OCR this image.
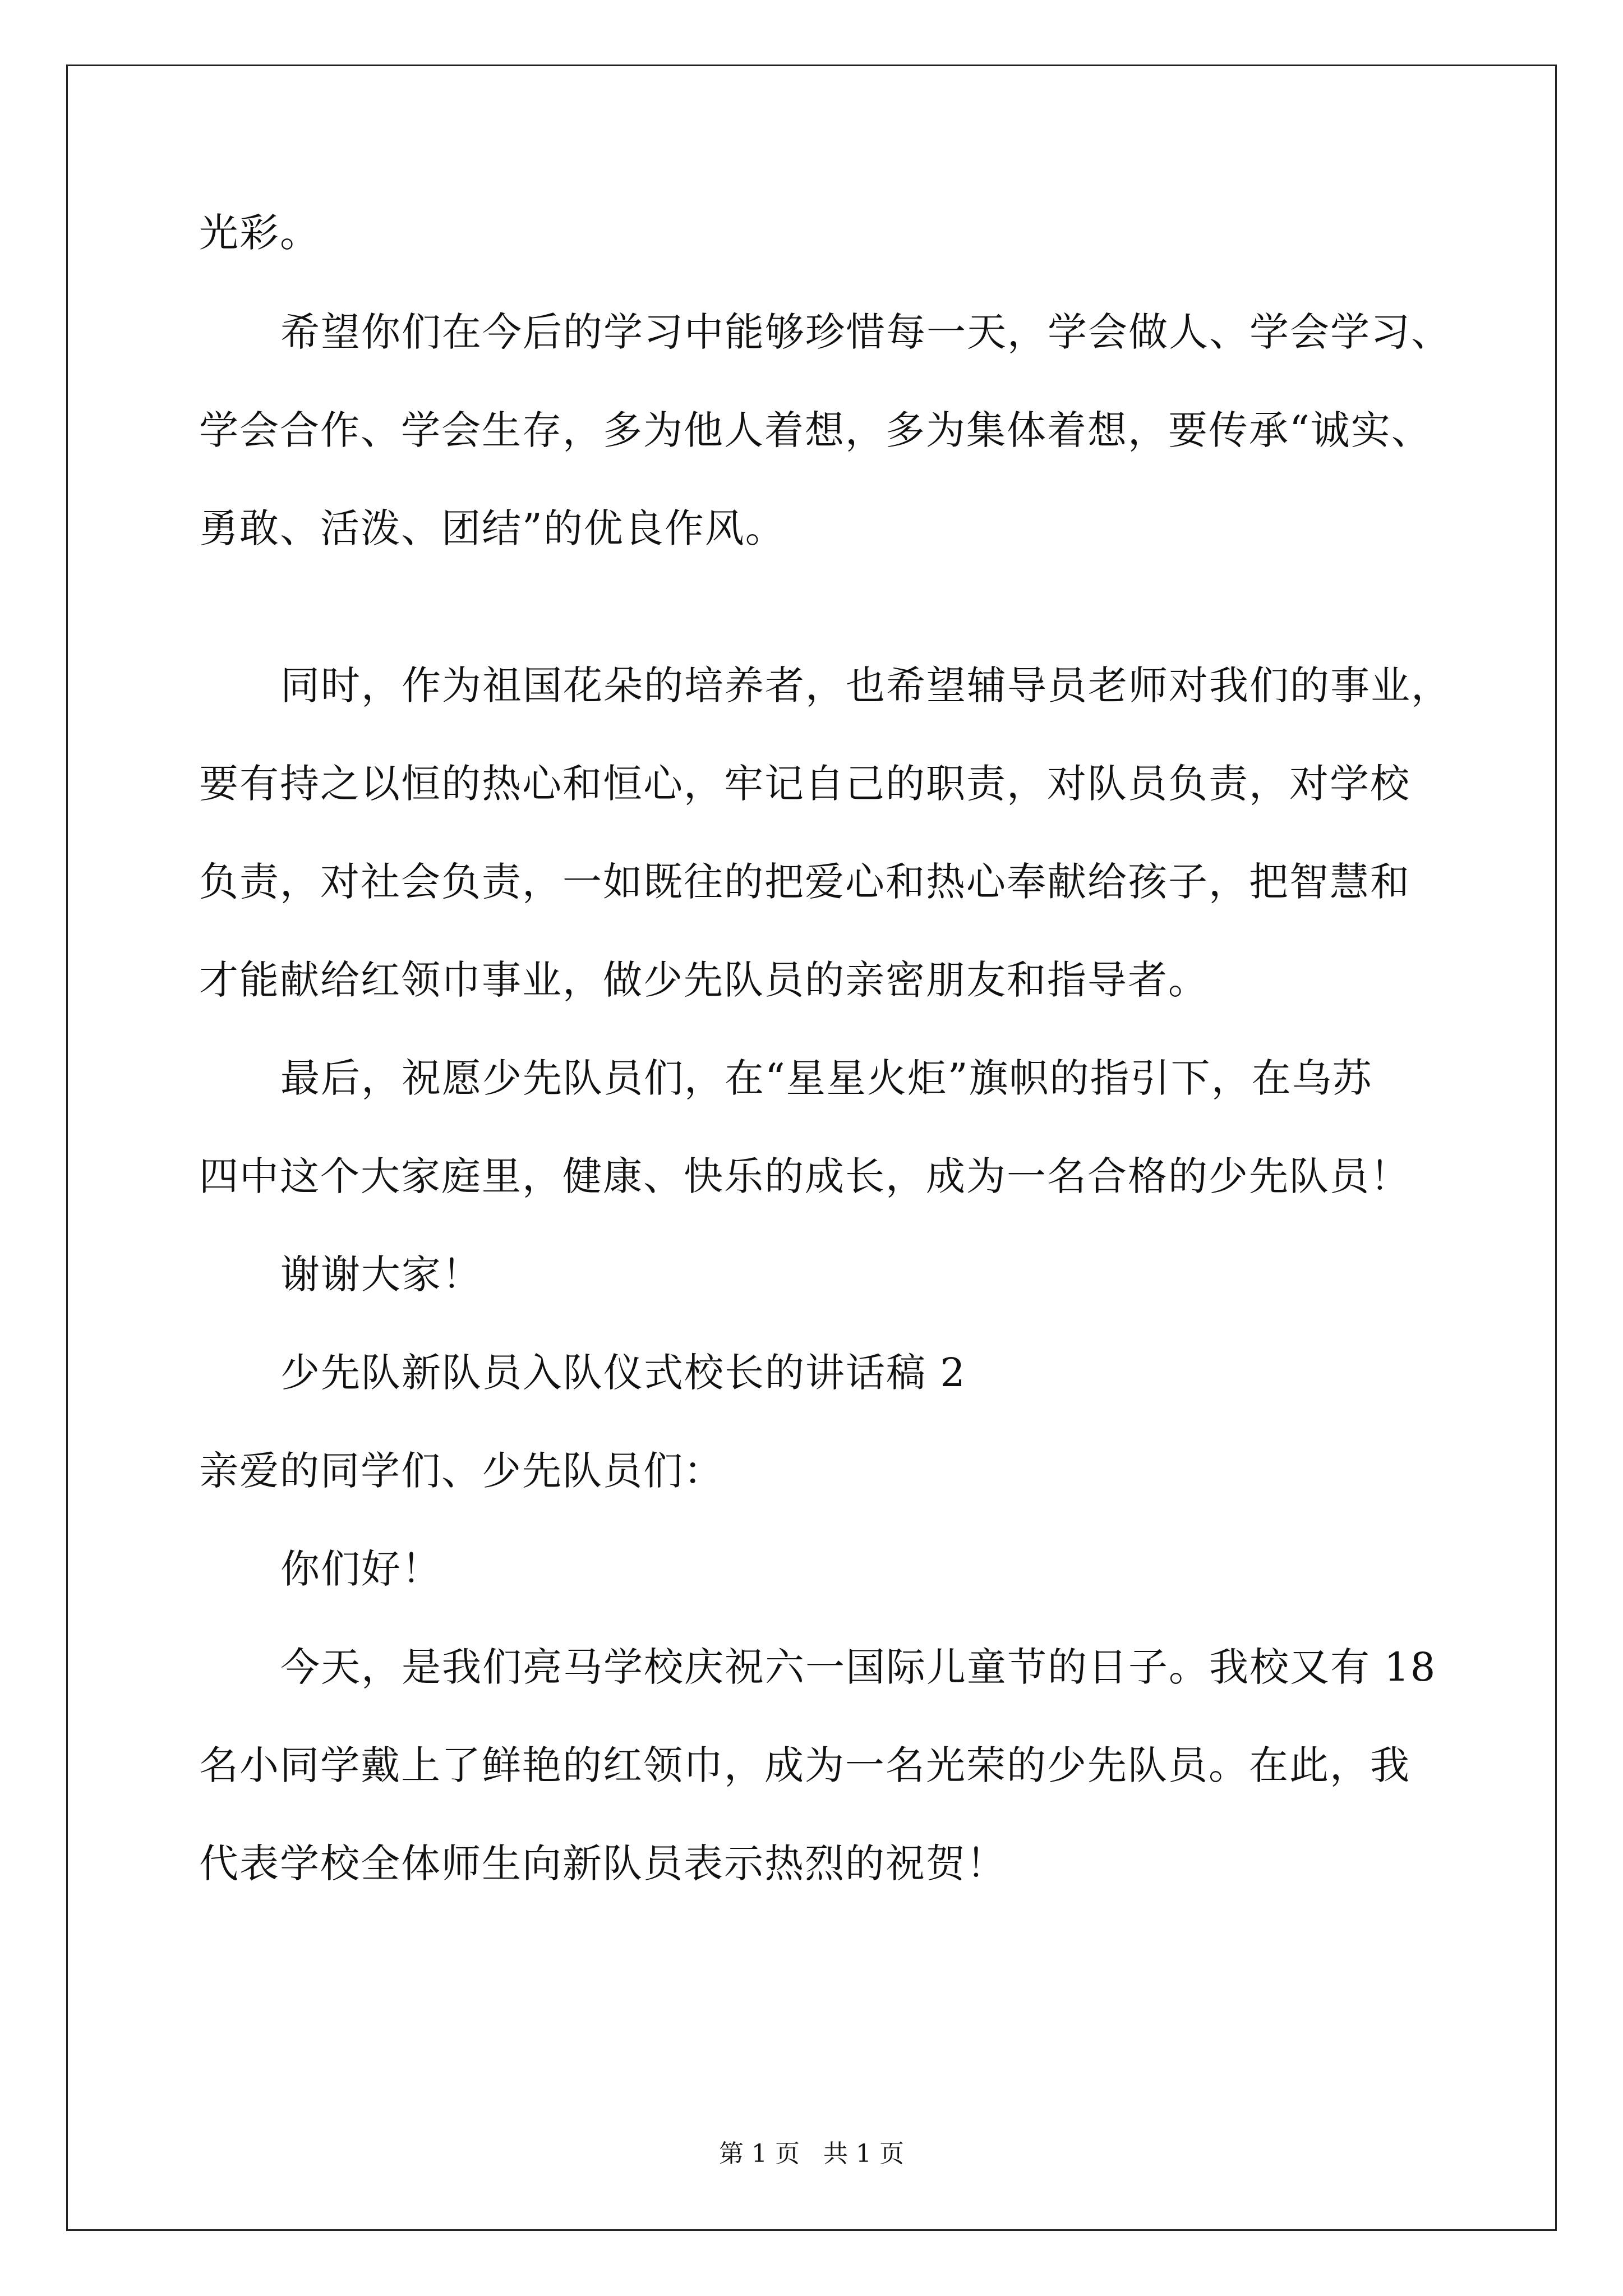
光彩。
希望你们在今后的学习中能够珍惜每一天，学会做人、学会学习、
学会合作、学会生存，多为他人着想，多为集体着想，要传承“诚实、
勇敢、活泼、团结”的优良作风。
同时，作为祖国花朵的培养者，也希望辅导员老师对我们的事业，
要有持之以恒的热心和恒心，牢记自己的职责，对队员负责，对学校
负责，对社会负责，一如既往的把爱心和热心奉献给孩子，把智慧和
才能献给红领巾事业，做少先队员的亲密朋友和指导者。
最后，祝愿少先队员们，在“星星火炬”旗帜的指引下，在乌苏
四中这个大家庭里，健康、快乐的成长，成为一名合格的少先队员！
谢谢大家！
少先队新队员入队仪式校长的讲话稿 2
亲爱的同学们、少先队员们：
你们好！
今天，是我们亮马学校庆祝六一国际儿童节的日子。我校又有 18
名小同学戴上了鲜艳的红领巾，成为一名光荣的少先队员。在此，我
代表学校全体师生向新队员表示热烈的祝贺！
第 1 页   共 1 页
